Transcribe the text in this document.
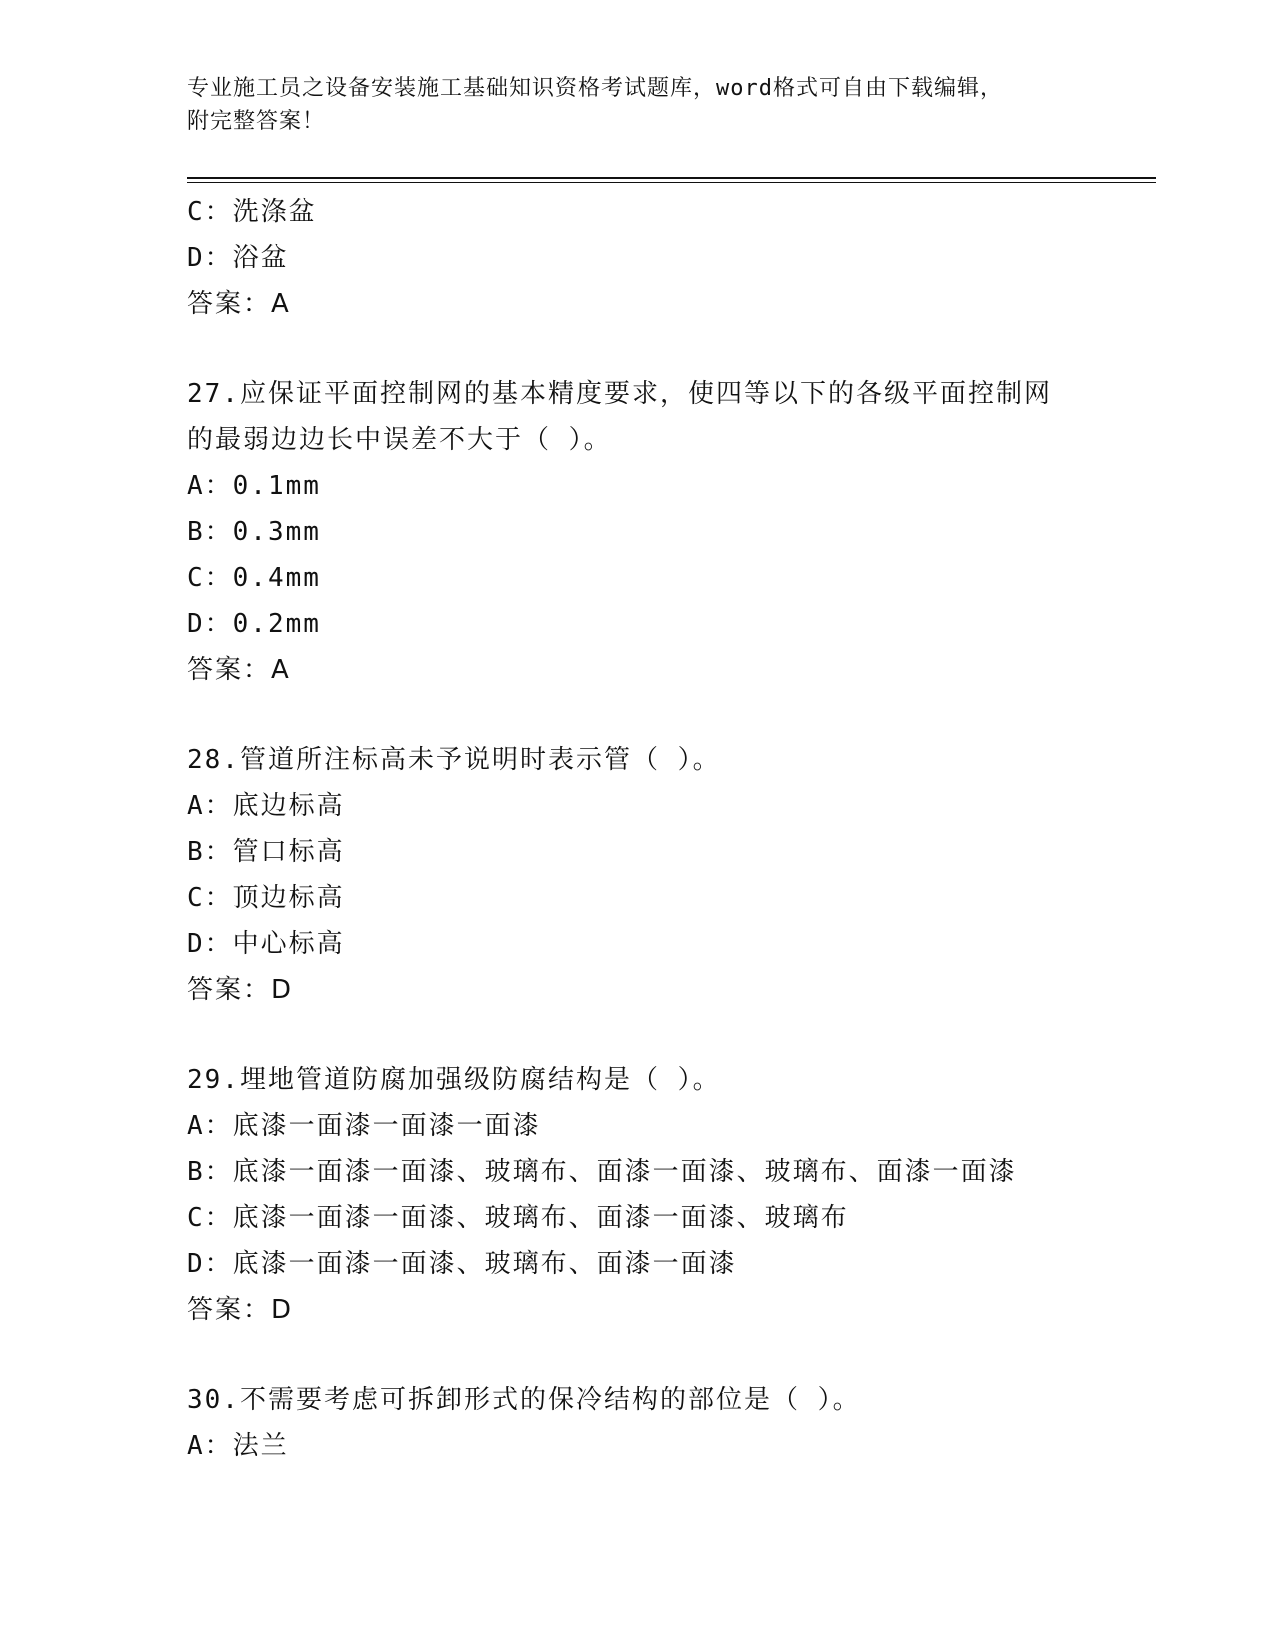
专业施工员之设备安装施工基础知识资格考试题库，word格式可自由下载编辑，
附完整答案！
C：洗涤盆
D：浴盆
答案：A
27.应保证平面控制网的基本精度要求，使四等以下的各级平面控制网
的最弱边边长中误差不大于（ ）。
A：0.1mm
B：0.3mm
C：0.4mm
D：0.2mm
答案：A
28.管道所注标高未予说明时表示管（ ）。
A：底边标高
B：管口标高
C：顶边标高
D：中心标高
答案：D
29.埋地管道防腐加强级防腐结构是（ ）。
A：底漆一面漆一面漆一面漆
B：底漆一面漆一面漆、玻璃布、面漆一面漆、玻璃布、面漆一面漆
C：底漆一面漆一面漆、玻璃布、面漆一面漆、玻璃布
D：底漆一面漆一面漆、玻璃布、面漆一面漆
答案：D
30.不需要考虑可拆卸形式的保冷结构的部位是（ ）。
A：法兰
